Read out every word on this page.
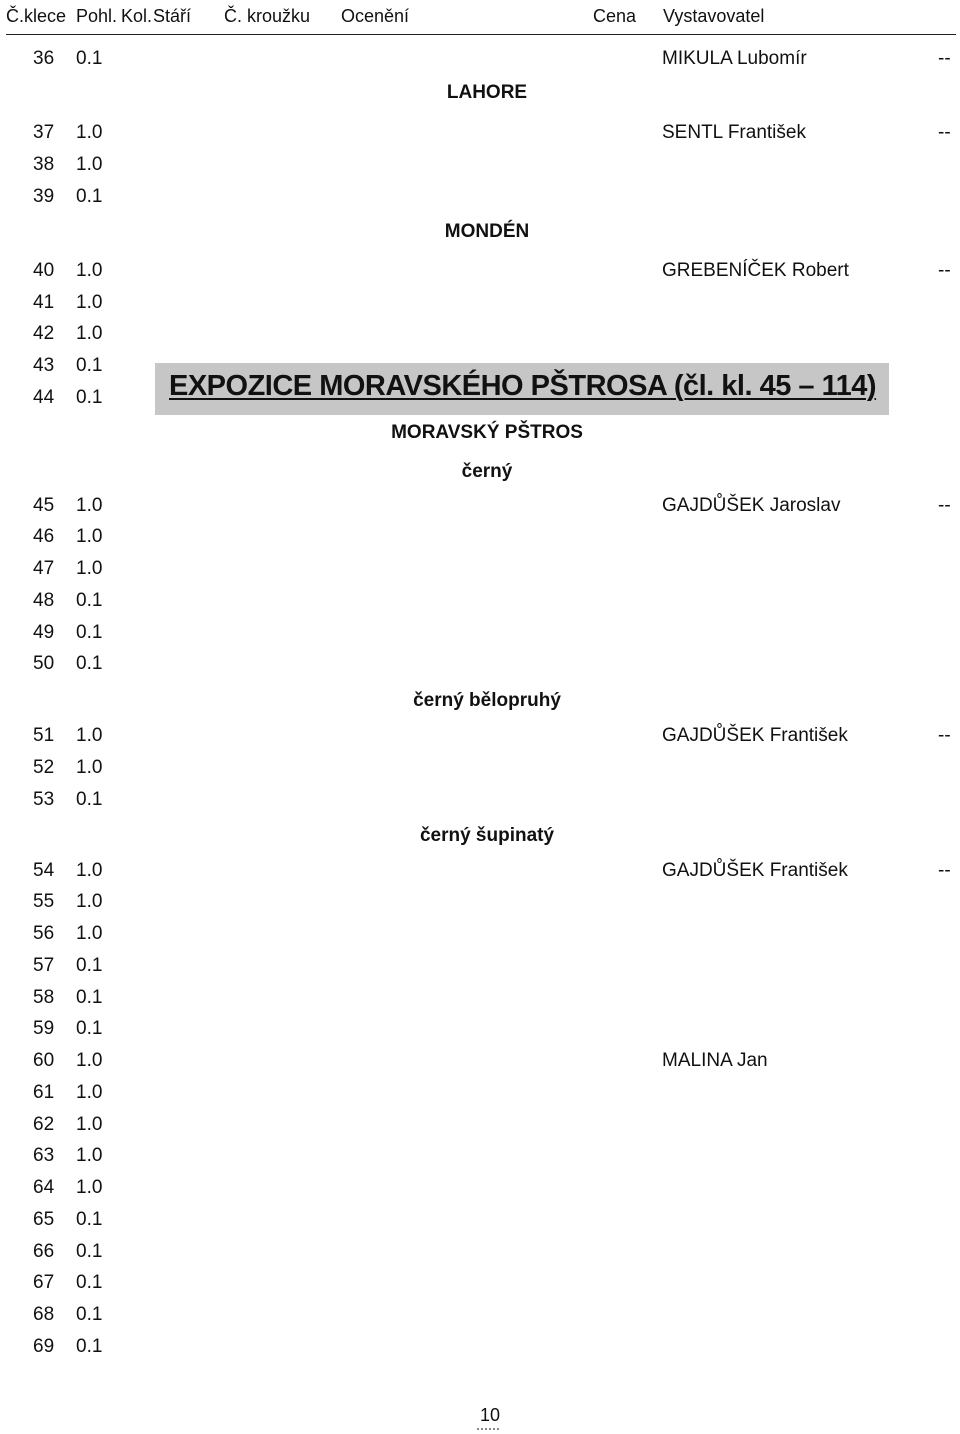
Č.klece Pohl. Kol. Stáří Č. kroužku Ocenění	Cena Vystavovatel
LAHORE
MONDÉN
MORAVSKÝ PŠTROS
černý
černý bělopruhý
černý šupinatý
EXPOZICE MORAVSKÉHO PŠTROSA (čl. kl. 45 – 114)
36 0.1	MIKULA Lubomír	--
37 1.0	SENTL František	--
38 1.0
39 0.1
40 1.0	GREBENÍČEK Robert	--
41 1.0
42 1.0
43 0.1
44 0.1
45 1.0	GAJDŮŠEK Jaroslav	--
46 1.0
47 1.0
48 0.1
49 0.1
50 0.1
51 1.0	GAJDŮŠEK František	--
52 1.0
53 0.1
54 1.0	GAJDŮŠEK František	--
55 1.0
56 1.0
57 0.1
58 0.1
59 0.1
60 1.0	MALINA Jan
61 1.0
62 1.0
63 1.0
64 1.0
65 0.1
66 0.1
67 0.1
68 0.1
69 0.1
10
